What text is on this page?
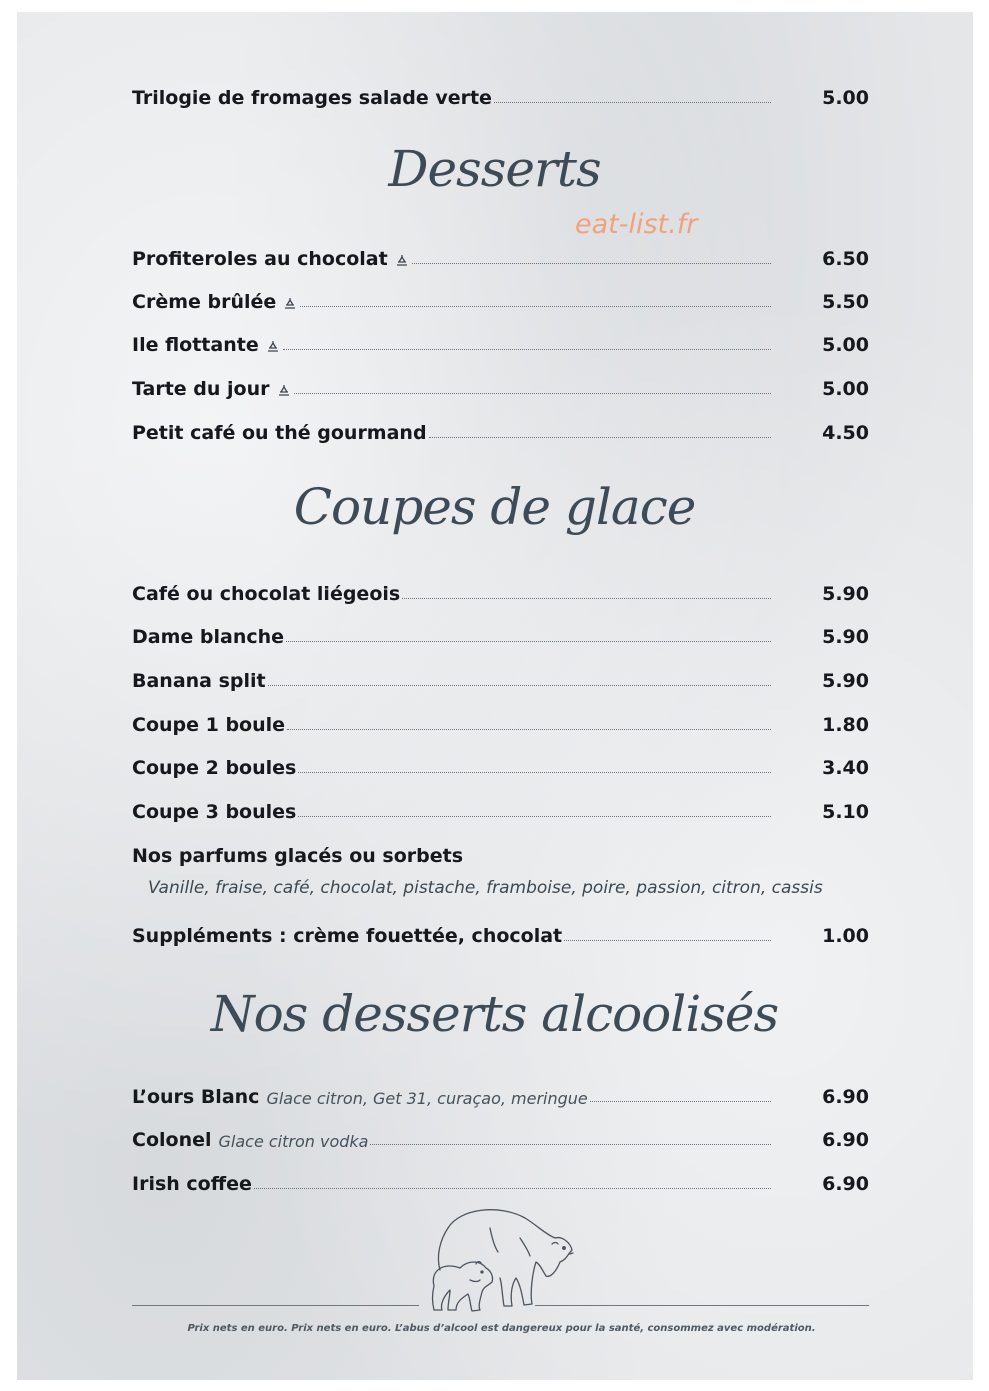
Trilogie de fromages salade verte	5.00
Desserts
eat-list.fr
Profiteroles au chocolat	6.50
Crème brûlée	5.50
Ile flottante	5.00
Tarte du jour	5.00
Petit café ou thé gourmand	4.50
Coupes de glace
Café ou chocolat liégeois	5.90
Dame blanche	5.90
Banana split	5.90
Coupe 1 boule	1.80
Coupe 2 boules	3.40
Coupe 3 boules	5.10
Nos parfums glacés ou sorbets
Vanille, fraise, café, chocolat, pistache, framboise, poire, passion, citron, cassis
Suppléments : crème fouettée, chocolat	1.00
Nos desserts alcoolisés
L’ours Blanc Glace citron, Get 31, curaçao, meringue	6.90
Colonel Glace citron vodka	6.90
Irish coffee	6.90
Prix nets en euro. Prix nets en euro. L’abus d’alcool est dangereux pour la santé, consommez avec modération.
